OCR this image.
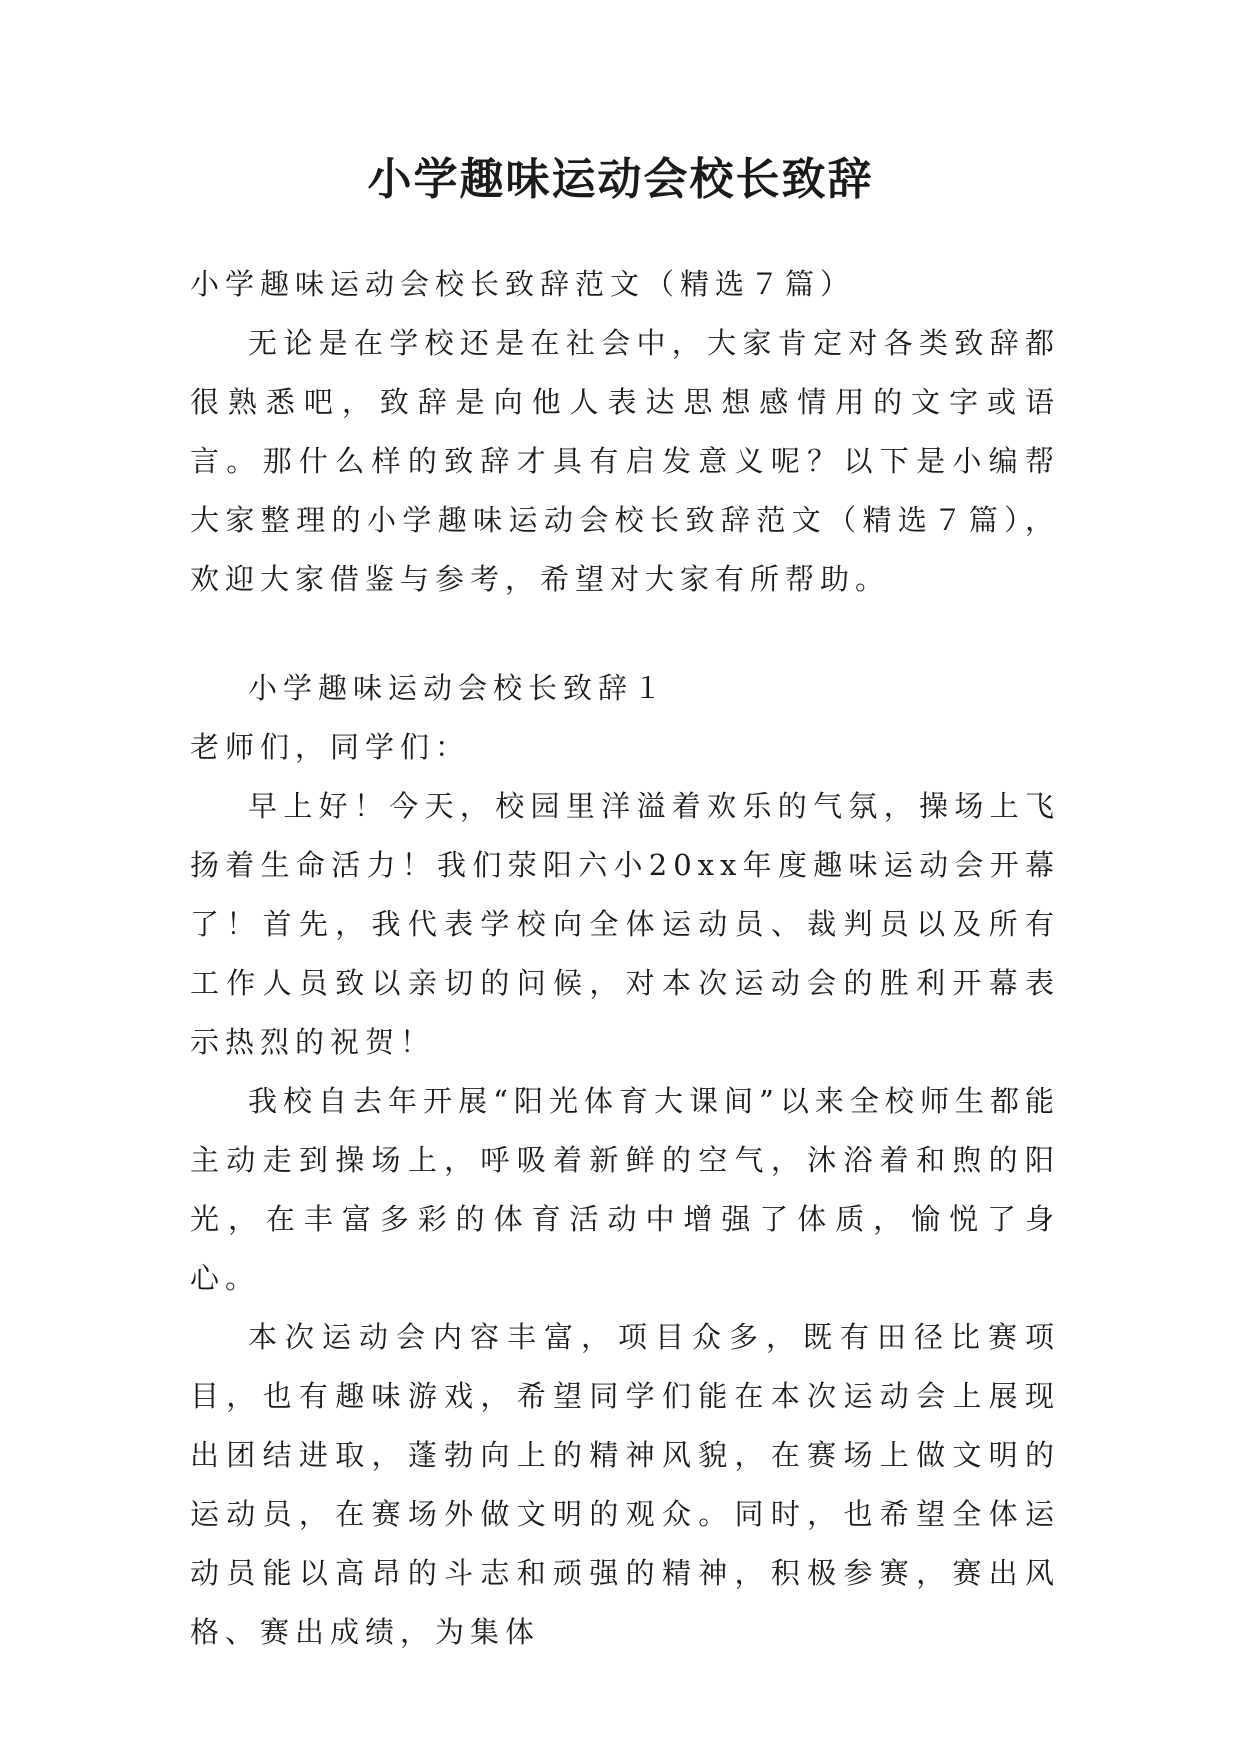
小学趣味运动会校长致辞

小学趣味运动会校长致辞范文（精选７篇）

无论是在学校还是在社会中，大家肯定对各类致辞都很熟悉吧，致辞是向他人表达思想感情用的文字或语言。那什么样的致辞才具有启发意义呢？以下是小编帮大家整理的小学趣味运动会校长致辞范文（精选７篇），欢迎大家借鉴与参考，希望对大家有所帮助。

小学趣味运动会校长致辞１

老师们，同学们：

早上好！今天，校园里洋溢着欢乐的气氛，操场上飞扬着生命活力！我们荥阳六小20xx年度趣味运动会开幕了！首先，我代表学校向全体运动员、裁判员以及所有工作人员致以亲切的问候，对本次运动会的胜利开幕表示热烈的祝贺！

我校自去年开展“阳光体育大课间”以来全校师生都能主动走到操场上，呼吸着新鲜的空气，沐浴着和煦的阳光，在丰富多彩的体育活动中增强了体质，愉悦了身心。

本次运动会内容丰富，项目众多，既有田径比赛项目，也有趣味游戏，希望同学们能在本次运动会上展现出团结进取，蓬勃向上的精神风貌，在赛场上做文明的运动员，在赛场外做文明的观众。同时，也希望全体运动员能以高昂的斗志和顽强的精神，积极参赛，赛出风格、赛出成绩，为集体
